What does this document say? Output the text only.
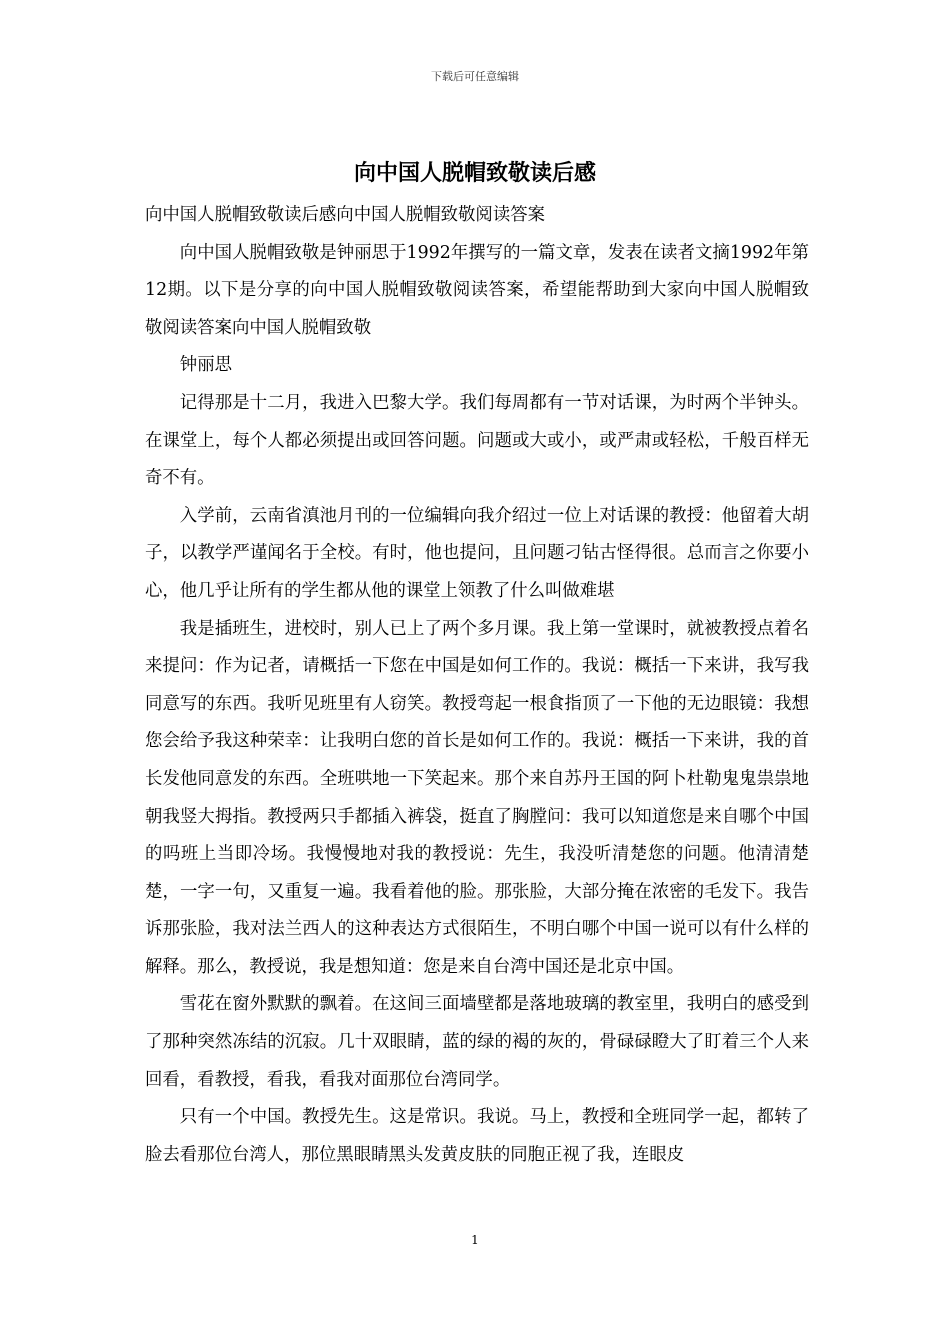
下载后可任意编辑
向中国人脱帽致敬读后感

向中国人脱帽致敬读后感向中国人脱帽致敬阅读答案

向中国人脱帽致敬是钟丽思于1992年撰写的一篇文章，发表在读者文摘1992年第12期。以下是分享的向中国人脱帽致敬阅读答案，希望能帮助到大家向中国人脱帽致敬阅读答案向中国人脱帽致敬

钟丽思

记得那是十二月，我进入巴黎大学。我们每周都有一节对话课，为时两个半钟头。在课堂上，每个人都必须提出或回答问题。问题或大或小，或严肃或轻松，千般百样无奇不有。

入学前，云南省滇池月刊的一位编辑向我介绍过一位上对话课的教授：他留着大胡子，以教学严谨闻名于全校。有时，他也提问，且问题刁钻古怪得很。总而言之你要小心，他几乎让所有的学生都从他的课堂上领教了什么叫做难堪

我是插班生，进校时，别人已上了两个多月课。我上第一堂课时，就被教授点着名来提问：作为记者，请概括一下您在中国是如何工作的。我说：概括一下来讲，我写我同意写的东西。我听见班里有人窃笑。教授弯起一根食指顶了一下他的无边眼镜：我想您会给予我这种荣幸：让我明白您的首长是如何工作的。我说：概括一下来讲，我的首长发他同意发的东西。全班哄地一下笑起来。那个来自苏丹王国的阿卜杜勒鬼鬼祟祟地朝我竖大拇指。教授两只手都插入裤袋，挺直了胸膛问：我可以知道您是来自哪个中国的吗班上当即冷场。我慢慢地对我的教授说：先生，我没听清楚您的问题。他清清楚楚，一字一句，又重复一遍。我看着他的脸。那张脸，大部分掩在浓密的毛发下。我告诉那张脸，我对法兰西人的这种表达方式很陌生，不明白哪个中国一说可以有什么样的解释。那么，教授说，我是想知道：您是来自台湾中国还是北京中国。

雪花在窗外默默的飘着。在这间三面墙壁都是落地玻璃的教室里，我明白的感受到了那种突然冻结的沉寂。几十双眼睛，蓝的绿的褐的灰的，骨碌碌瞪大了盯着三个人来回看，看教授，看我，看我对面那位台湾同学。

只有一个中国。教授先生。这是常识。我说。马上，教授和全班同学一起，都转了脸去看那位台湾人，那位黑眼睛黑头发黄皮肤的同胞正视了我，连眼皮

1
